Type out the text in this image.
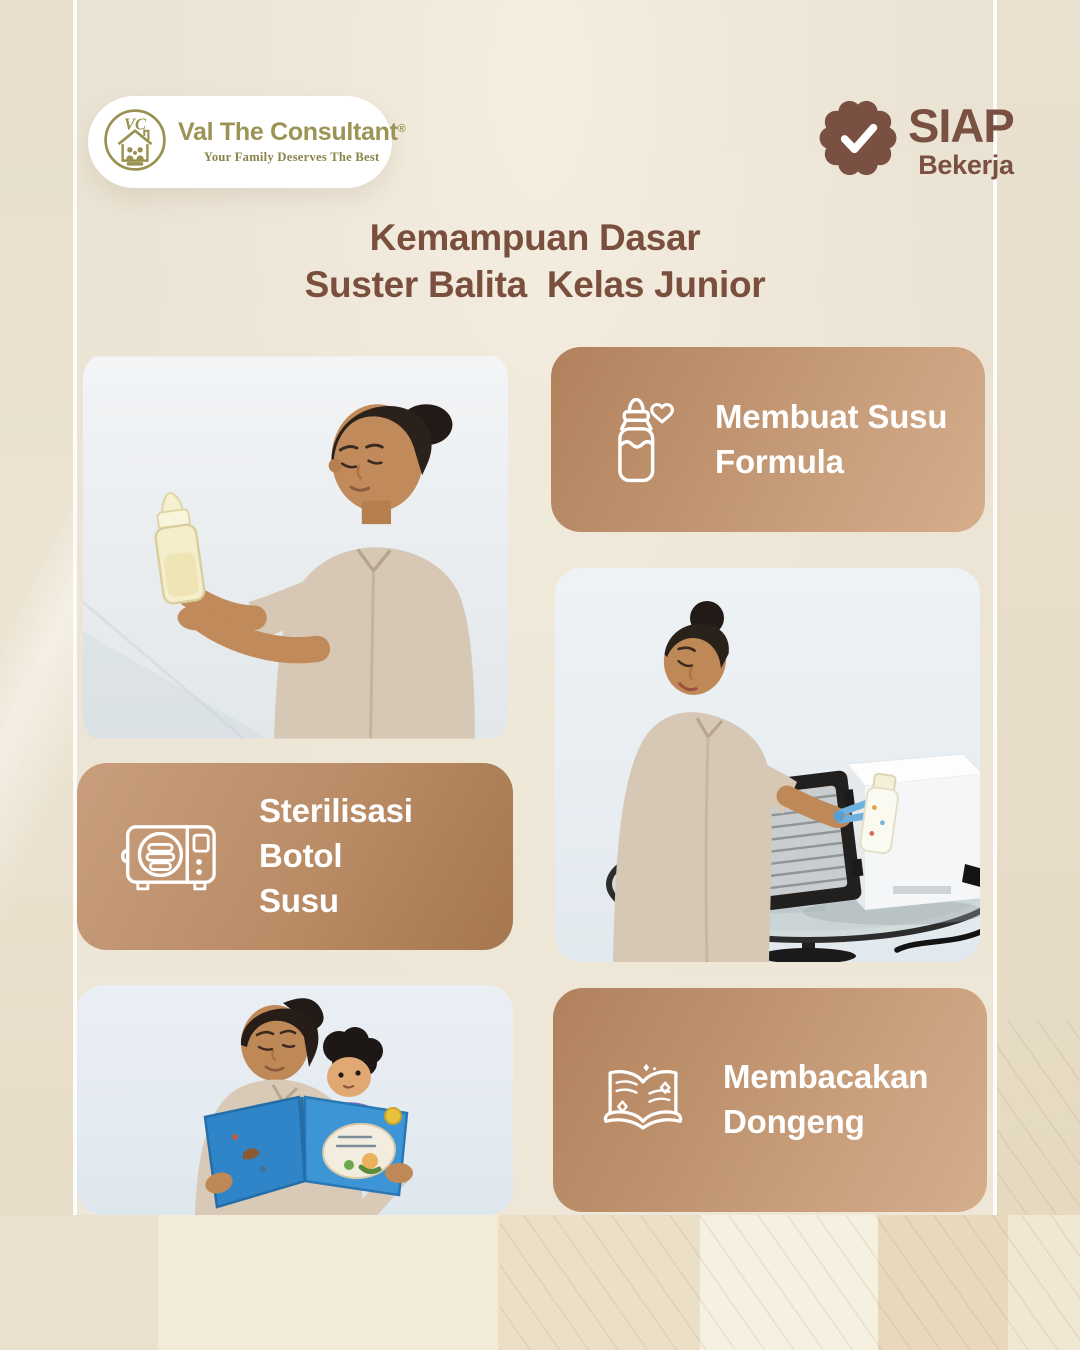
VC Val The Consultant®
Your Family Deserves The Best
SIAP
Bekerja
Kemampuan Dasar
Suster Balita  Kelas Junior
Membuat Susu
Formula
Sterilisasi Botol
Susu
Membacakan
Dongeng
